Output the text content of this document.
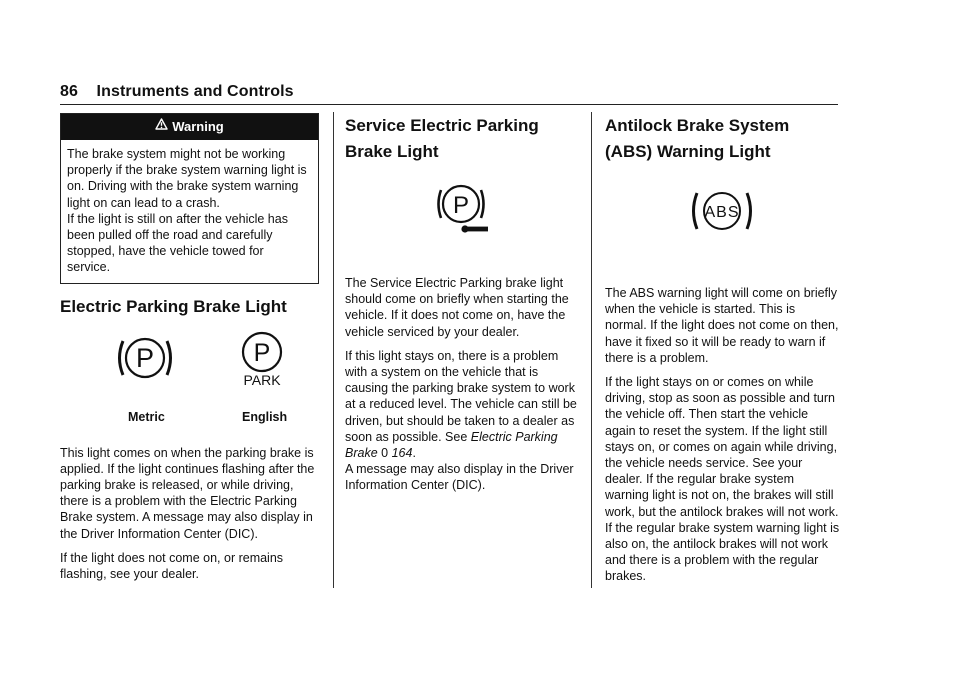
86 Instruments and Controls
Warning

The brake system might not be working properly if the brake system warning light is on. Driving with the brake system warning light on can lead to a crash.

If the light is still on after the vehicle has been pulled off the road and carefully stopped, have the vehicle towed for service.

Electric Parking Brake Light
P	P
PARK
Metric	English

This light comes on when the parking brake is applied. If the light continues flashing after the parking brake is released, or while driving, there is a problem with the Electric Parking Brake system. A message may also display in the Driver Information Center (DIC).

If the light does not come on, or remains flashing, see your dealer.

Service Electric Parking Brake Light
P

The Service Electric Parking brake light should come on briefly when starting the vehicle. If it does not come on, have the vehicle serviced by your dealer.

If this light stays on, there is a problem with a system on the vehicle that is causing the parking brake system to work at a reduced level. The vehicle can still be driven, but should be taken to a dealer as soon as possible. See Electric Parking Brake 0 164.

A message may also display in the Driver Information Center (DIC).

Antilock Brake System (ABS) Warning Light
ABS

The ABS warning light will come on briefly when the vehicle is started. This is normal. If the light does not come on then, have it fixed so it will be ready to warn if there is a problem.

If the light stays on or comes on while driving, stop as soon as possible and turn the vehicle off. Then start the vehicle again to reset the system. If the light still stays on, or comes on again while driving, the vehicle needs service. See your dealer. If the regular brake system warning light is not on, the brakes will still work, but the antilock brakes will not work. If the regular brake system warning light is also on, the antilock brakes will not work and there is a problem with the regular brakes.
